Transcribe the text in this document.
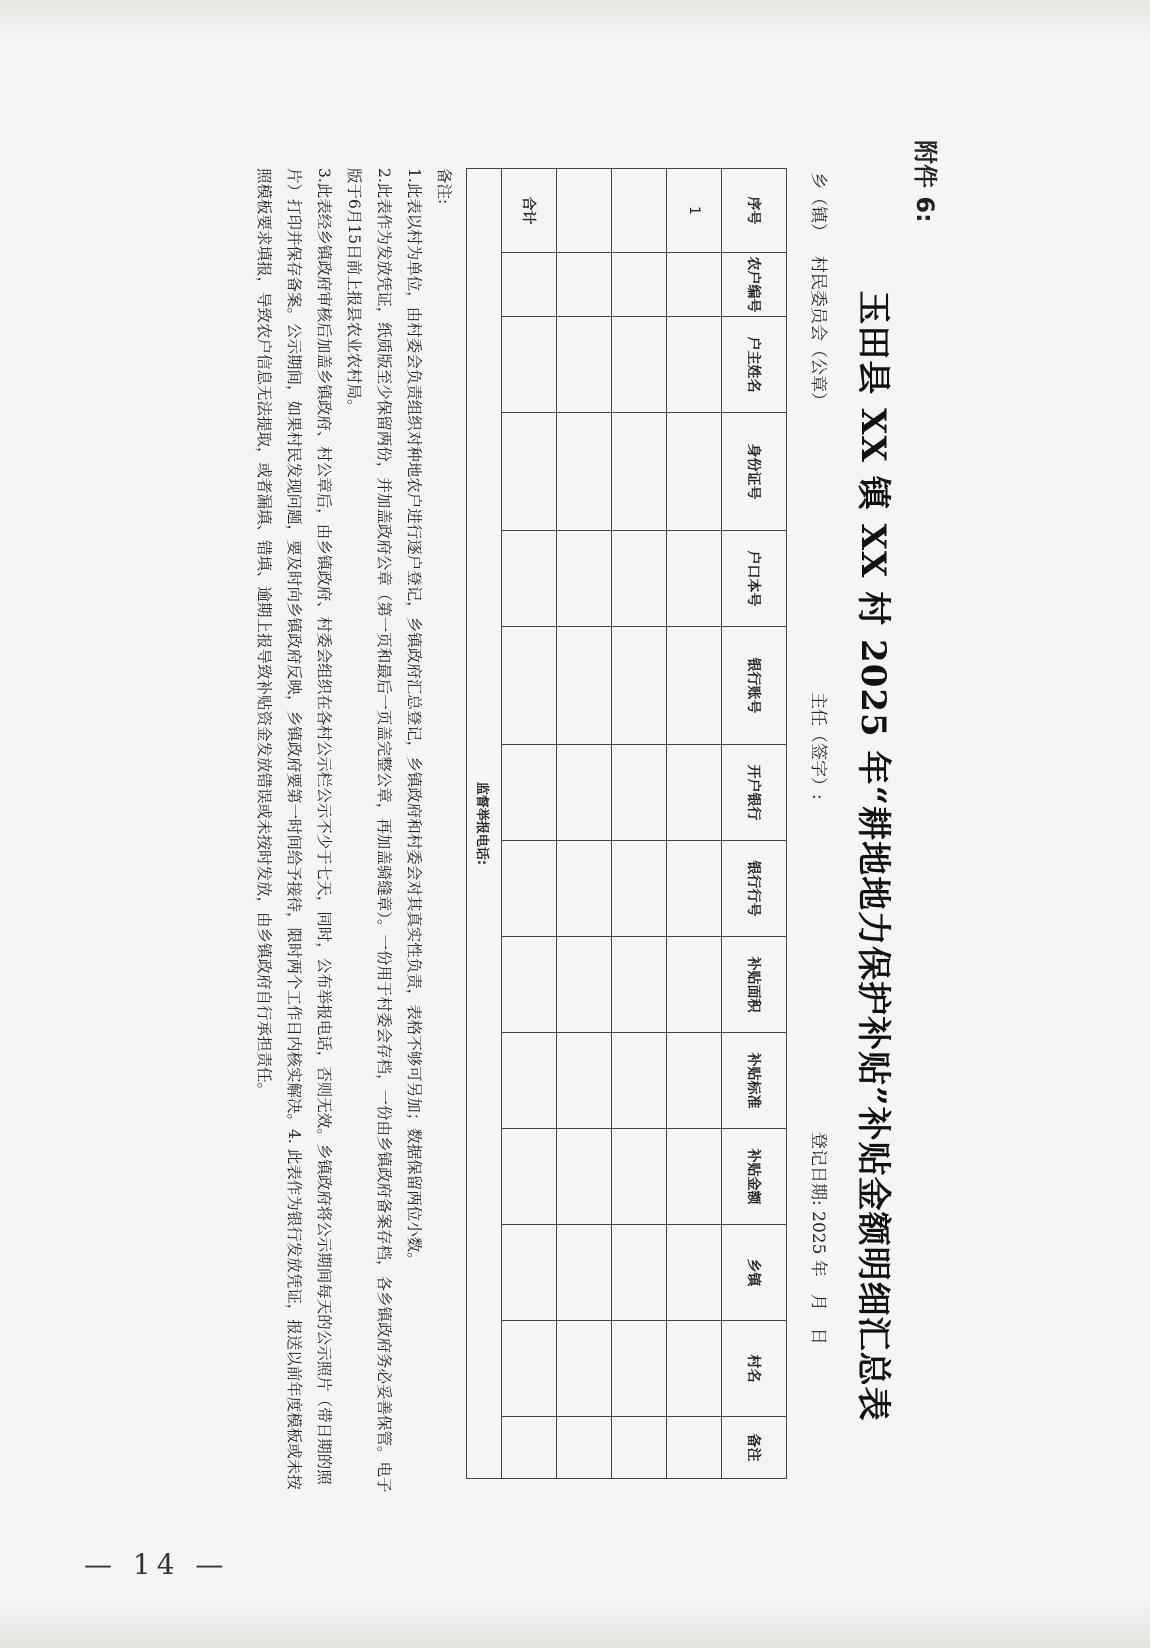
附件 6:
玉田县 XX 镇 XX 村 2025 年“耕地地力保护补贴”补贴金额明细汇总表
乡（镇）
村民委员会（公章）
主任（签字）:
登记日期: 2025 年　月　日
序号	农户编号	户主姓名	身份证号	户口本号	银行账号	开户银行	银行行号	补贴面积	补贴标准	补贴金额	乡镇	村名	备注
1													

合计													
监督举报电话:													
备注:
1.此表以村为单位，由村委会负责组织对种地农户进行逐户登记，乡镇政府汇总登记，乡镇政府和村委会对其真实性负责，表格不够可另加；数据保留两位小数。
2.此表作为发放凭证，纸质版至少保留两份，并加盖政府公章（第一页和最后一页盖完整公章，再加盖骑缝章）。一份用于村委会存档，一份由乡镇政府备案存档，各乡镇政府务必妥善保管。电子版于6月15日前上报县农业农村局。
3.此表经乡镇政府审核后加盖乡镇政府、村公章后，由乡镇政府、村委会组织在各村公示栏公示不少于七天，同时，公布举报电话，否则无效。乡镇政府将公示期间每天的公示照片（带日期的照片）打印并保存备案。公示期间，如果村民发现问题，要及时向乡镇政府反映，乡镇政府要第一时间给予接待，限时两个工作日内核实解决。4. 此表作为银行发放凭证，报送以前年度模板或未按照模板要求填报，导致农户信息无法提取，或者漏填、错填、逾期上报导致补贴资金发放错误或未按时发放，由乡镇政府自行承担责任。
— 14 —
